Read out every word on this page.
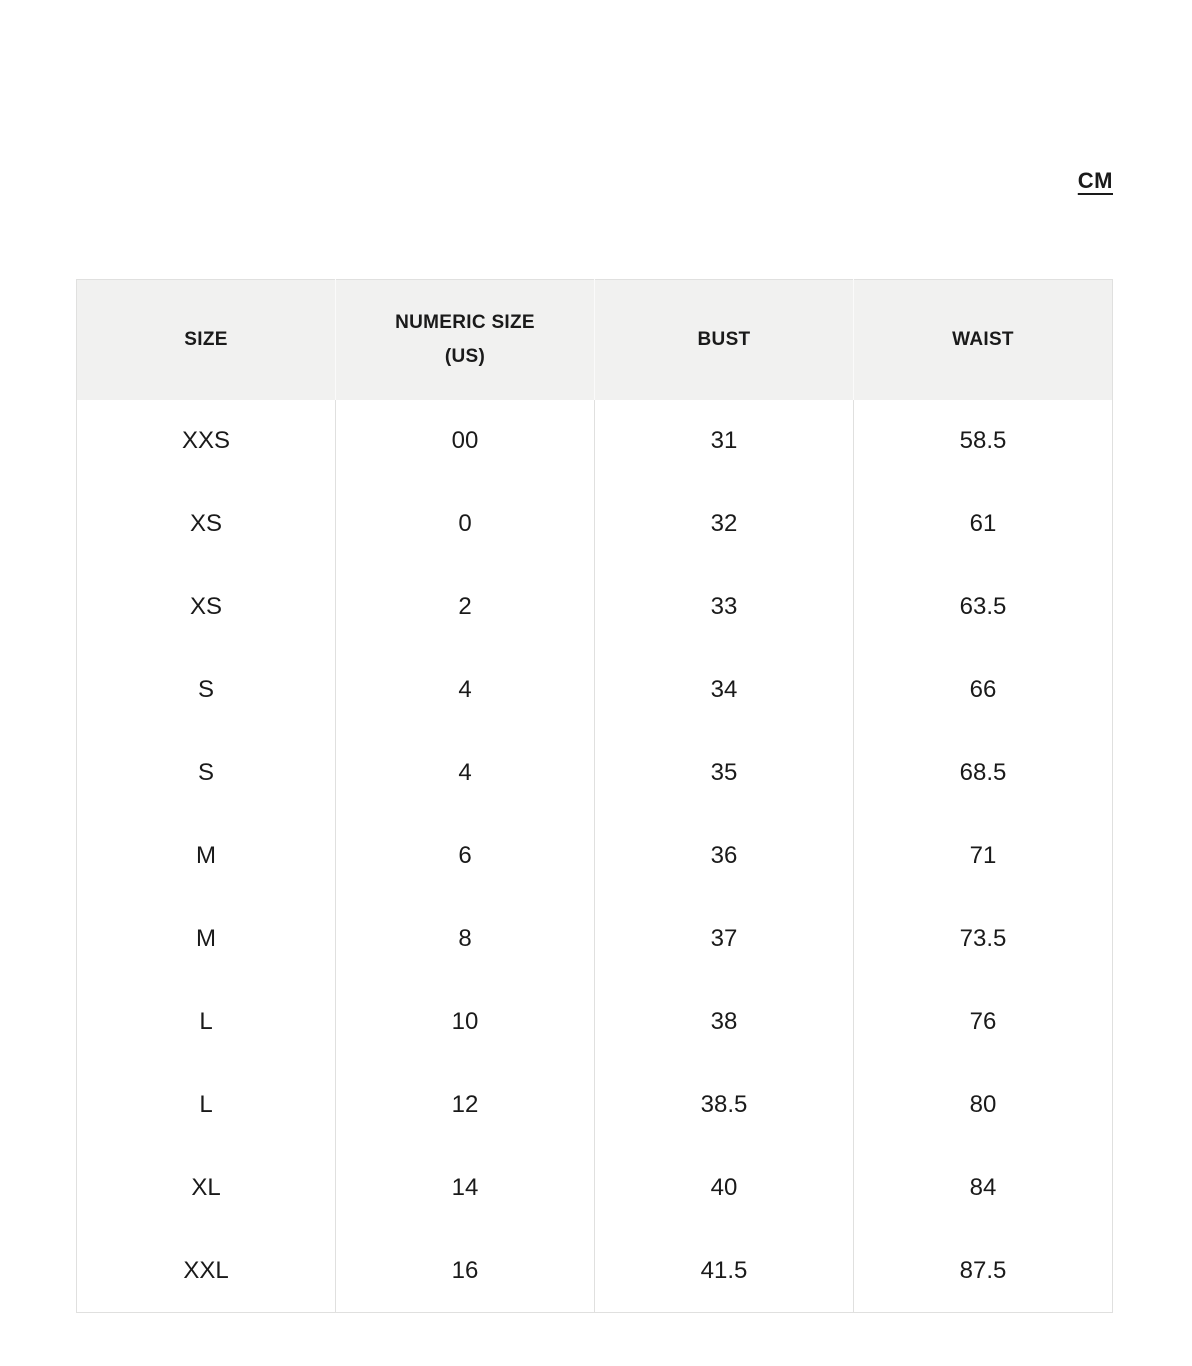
CM
SIZE	NUMERIC SIZE (US)	BUST	WAIST
XXS	00	31	58.5
XS	0	32	61
XS	2	33	63.5
S	4	34	66
S	4	35	68.5
M	6	36	71
M	8	37	73.5
L	10	38	76
L	12	38.5	80
XL	14	40	84
XXL	16	41.5	87.5
